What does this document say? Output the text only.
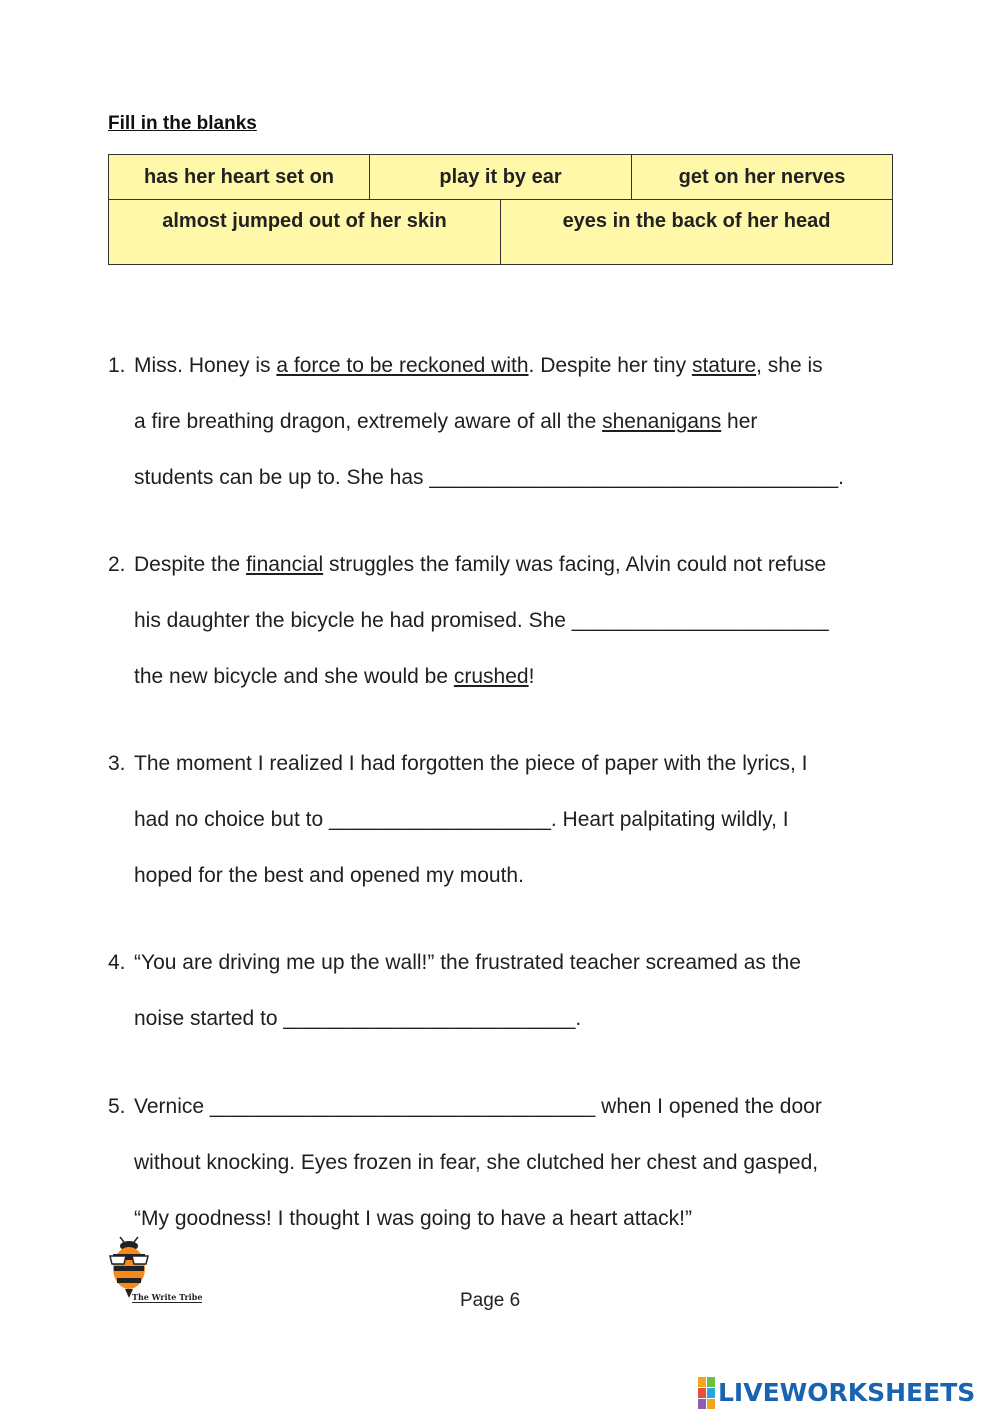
Fill in the blanks
has her heart set on	play it by ear	get on her nerves
almost jumped out of her skin	eyes in the back of her head
1. Miss. Honey is a force to be reckoned with. Despite her tiny stature, she is
a fire breathing dragon, extremely aware of all the shenanigans her
students can be up to. She has ___________________________________.
2. Despite the financial struggles the family was facing, Alvin could not refuse
his daughter the bicycle he had promised. She ______________________
the new bicycle and she would be crushed!
3. The moment I realized I had forgotten the piece of paper with the lyrics, I
had no choice but to ___________________. Heart palpitating wildly, I
hoped for the best and opened my mouth.
4. “You are driving me up the wall!” the frustrated teacher screamed as the
noise started to _________________________.
5. Vernice _________________________________ when I opened the door
without knocking. Eyes frozen in fear, she clutched her chest and gasped,
“My goodness! I thought I was going to have a heart attack!”
The Write Tribe	Page 6
LIVEWORKSHEETS
